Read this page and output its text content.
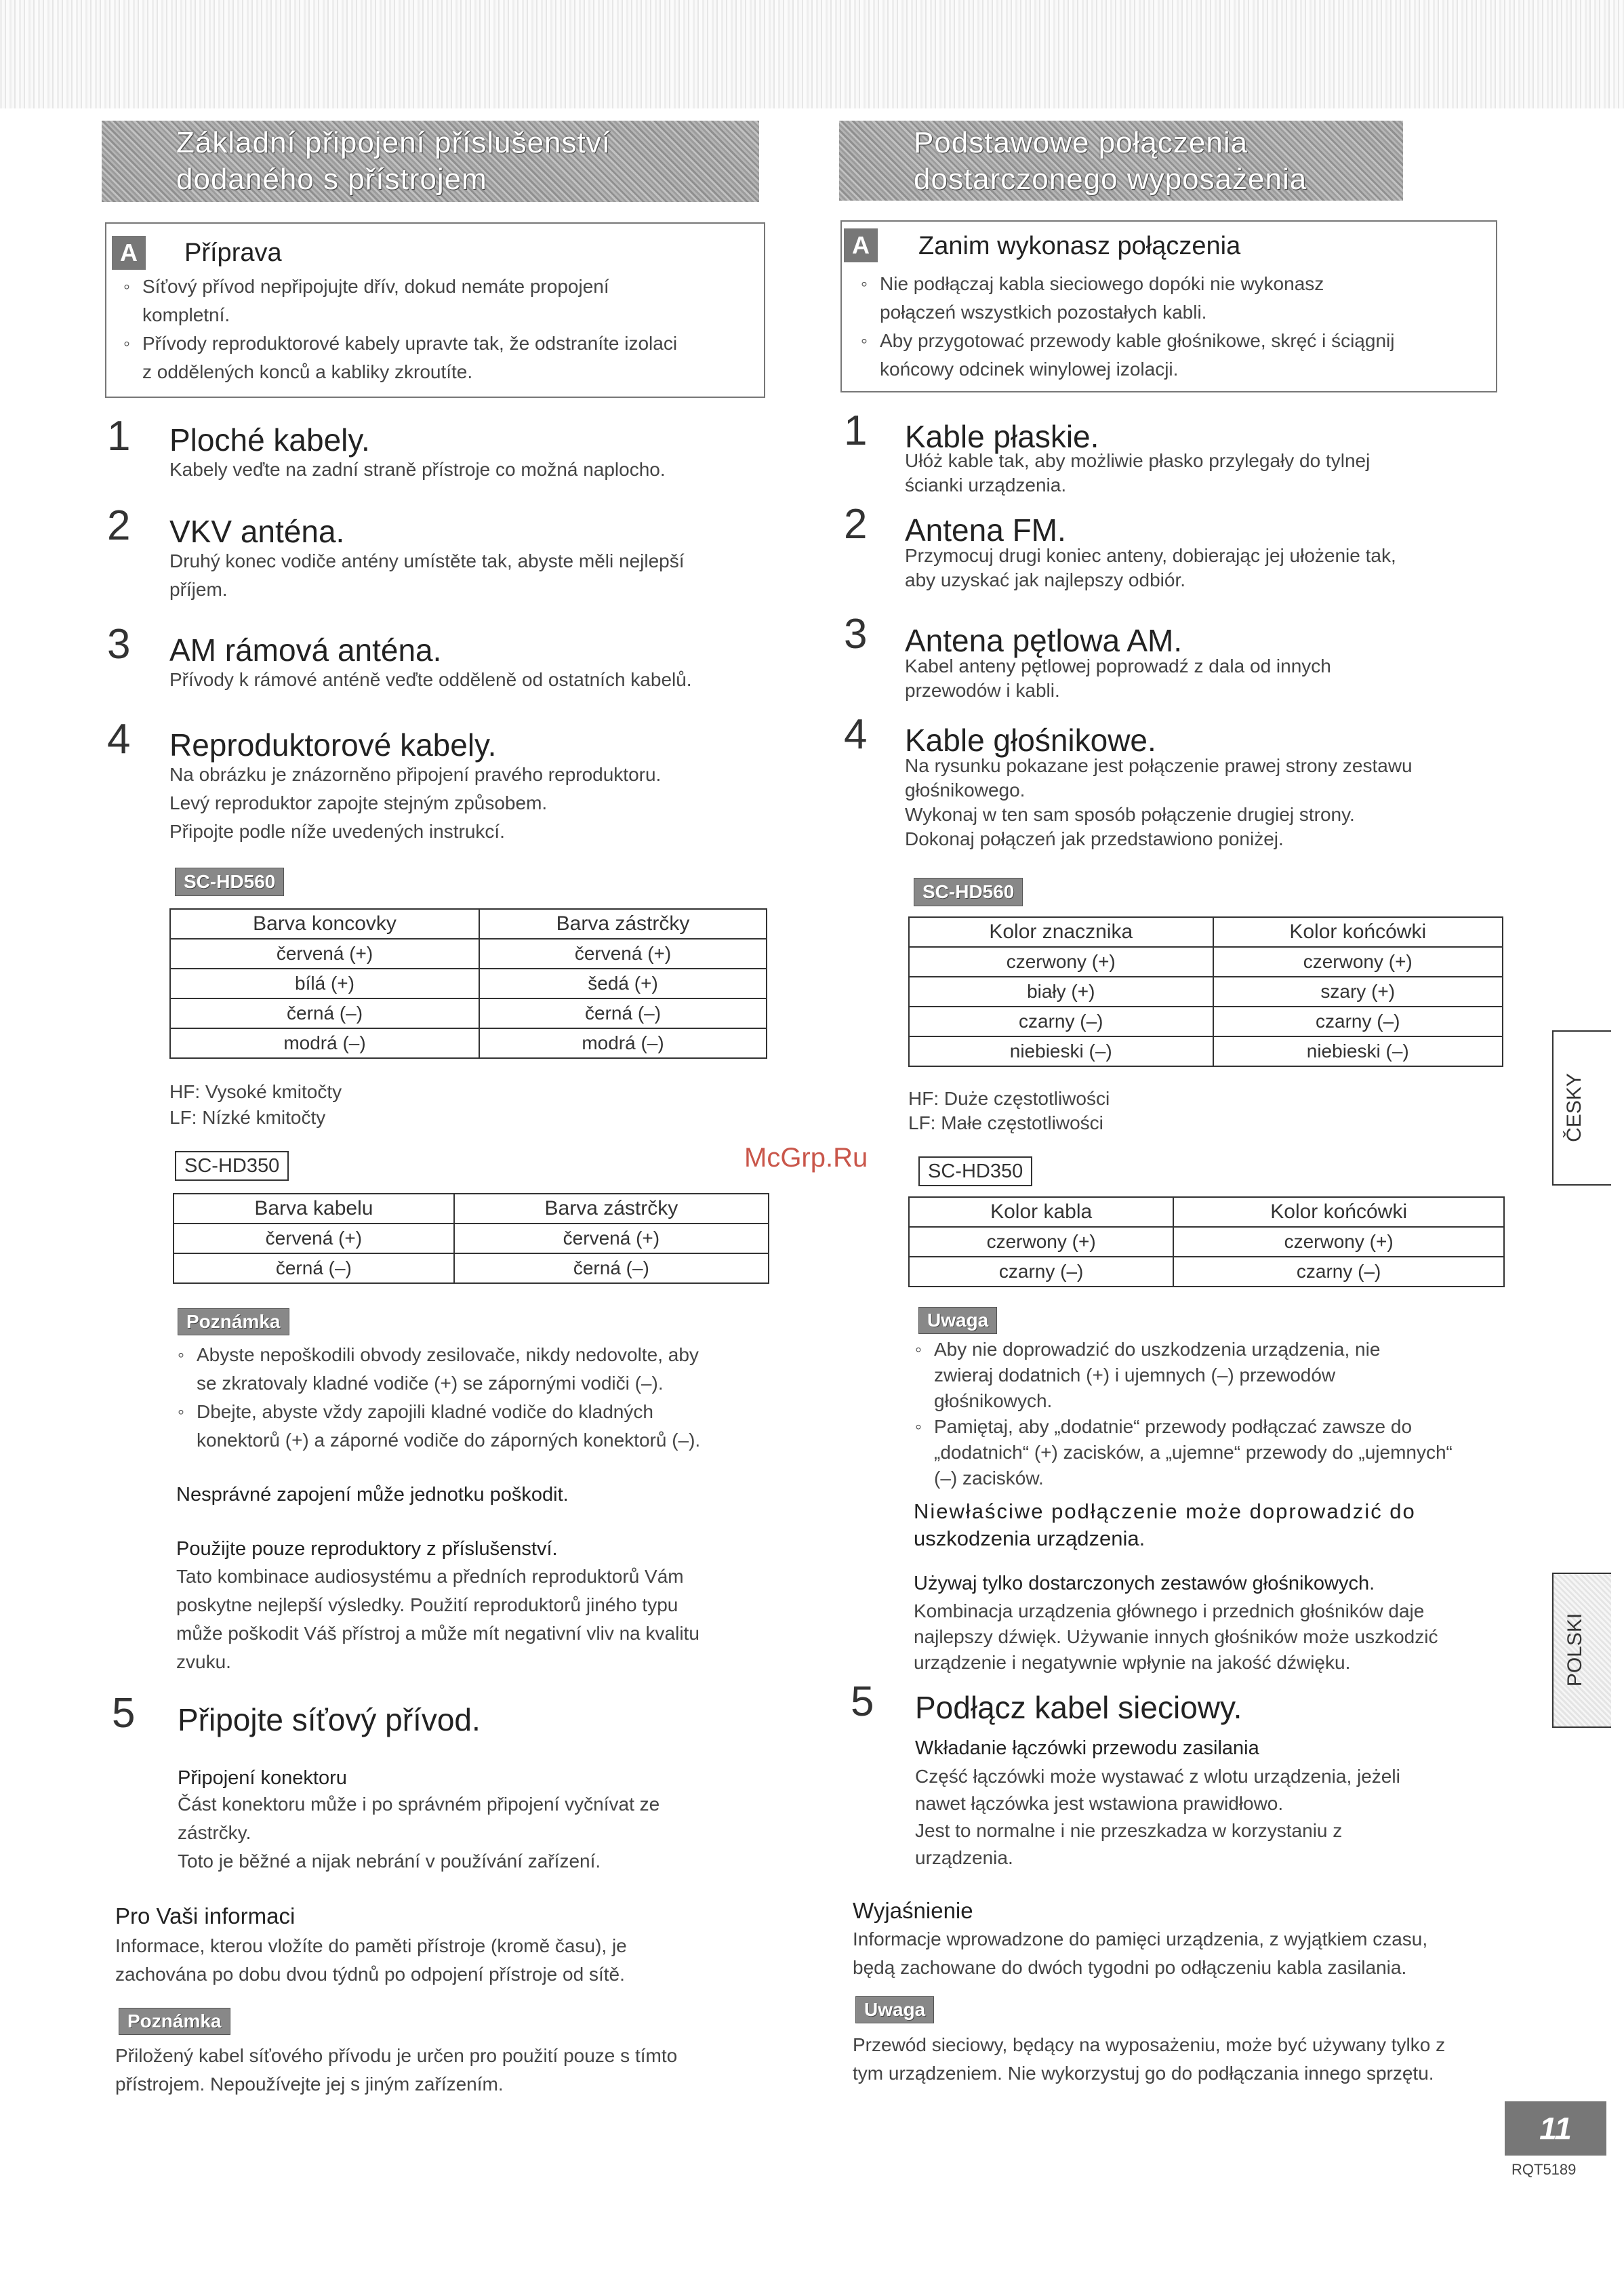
Základní připojení příslušenství
dodaného s přístrojem
A	Příprava
◦ Síťový přívod nepřipojujte dřív, dokud nemáte propojení
kompletní.
◦ Přívody reproduktorové kabely upravte tak, že odstraníte izolaci
z oddělených konců a kabliky zkroutíte.
1 Ploché kabely.
Kabely veďte na zadní straně přístroje co možná naplocho.
2 VKV anténa.
Druhý konec vodiče antény umístěte tak, abyste měli nejlepší
příjem.
3 AM rámová anténa.
Přívody k rámové anténě veďte odděleně od ostatních kabelů.
4 Reproduktorové kabely.
Na obrázku je znázorněno připojení pravého reproduktoru.
Levý reproduktor zapojte stejným způsobem.
Připojte podle níže uvedených instrukcí.
SC-HD560
Barva koncovky	Barva zástrčky
červená (+)	červená (+)
bílá (+)	šedá (+)
černá (–)	černá (–)
modrá (–)	modrá (–)
HF: Vysoké kmitočty
LF: Nízké kmitočty
SC-HD350
Barva kabelu	Barva zástrčky
červená (+)	červená (+)
černá (–)	černá (–)
Poznámka
◦ Abyste nepoškodili obvody zesilovače, nikdy nedovolte, aby
se zkratovaly kladné vodiče (+) se zápornými vodiči (–).
◦ Dbejte, abyste vždy zapojili kladné vodiče do kladných
konektorů (+) a záporné vodiče do záporných konektorů (–).
Nesprávné zapojení může jednotku poškodit.
Použijte pouze reproduktory z příslušenství.
Tato kombinace audiosystému a předních reproduktorů Vám
poskytne nejlepší výsledky. Použití reproduktorů jiného typu
může poškodit Váš přístroj a může mít negativní vliv na kvalitu
zvuku.
5 Připojte síťový přívod.
Připojení konektoru
Část konektoru může i po správném připojení vyčnívat ze
zástrčky.
Toto je běžné a nijak nebrání v používání zařízení.
Pro Vaši informaci
Informace, kterou vložíte do paměti přístroje (kromě času), je
zachována po dobu dvou týdnů po odpojení přístroje od sítě.
Poznámka
Přiložený kabel síťového přívodu je určen pro použití pouze s tímto
přístrojem. Nepoužívejte jej s jiným zařízením.
McGrp.Ru
Podstawowe połączenia
dostarczonego wyposażenia
A	Zanim wykonasz połączenia
◦ Nie podłączaj kabla sieciowego dopóki nie wykonasz
połączeń wszystkich pozostałych kabli.
◦ Aby przygotować przewody kable głośnikowe, skręć i ściągnij
końcowy odcinek winylowej izolacji.
1 Kable płaskie.
Ułóż kable tak, aby możliwie płasko przylegały do tylnej
ścianki urządzenia.
2 Antena FM.
Przymocuj drugi koniec anteny, dobierając jej ułożenie tak,
aby uzyskać jak najlepszy odbiór.
3 Antena pętlowa AM.
Kabel anteny pętlowej poprowadź z dala od innych
przewodów i kabli.
4 Kable głośnikowe.
Na rysunku pokazane jest połączenie prawej strony zestawu
głośnikowego.
Wykonaj w ten sam sposób połączenie drugiej strony.
Dokonaj połączeń jak przedstawiono poniżej.
SC-HD560
Kolor znacznika	Kolor końcówki
czerwony (+)	czerwony (+)
biały (+)	szary (+)
czarny (–)	czarny (–)
niebieski (–)	niebieski (–)
HF: Duże częstotliwości
LF: Małe częstotliwości
SC-HD350
Kolor kabla	Kolor końcówki
czerwony (+)	czerwony (+)
czarny (–)	czarny (–)
Uwaga
◦ Aby nie doprowadzić do uszkodzenia urządzenia, nie
zwieraj dodatnich (+) i ujemnych (–) przewodów
głośnikowych.
◦ Pamiętaj, aby „dodatnie“ przewody podłączać zawsze do
„dodatnich“ (+) zacisków, a „ujemne“ przewody do „ujemnych“
(–) zacisków.
Niewłaściwe podłączenie może doprowadzić do
uszkodzenia urządzenia.
Używaj tylko dostarczonych zestawów głośnikowych.
Kombinacja urządzenia głównego i przednich głośników daje
najlepszy dźwięk. Używanie innych głośników może uszkodzić
urządzenie i negatywnie wpłynie na jakość dźwięku.
5 Podłącz kabel sieciowy.
Wkładanie łączówki przewodu zasilania
Część łączówki może wystawać z wlotu urządzenia, jeżeli
nawet łączówka jest wstawiona prawidłowo.
Jest to normalne i nie przeszkadza w korzystaniu z
urządzenia.
Wyjaśnienie
Informacje wprowadzone do pamięci urządzenia, z wyjątkiem czasu,
będą zachowane do dwóch tygodni po odłączeniu kabla zasilania.
Uwaga
Przewód sieciowy, będący na wyposażeniu, może być używany tylko z
tym urządzeniem. Nie wykorzystuj go do podłączania innego sprzętu.
ČESKY
POLSKI
11
RQT5189
